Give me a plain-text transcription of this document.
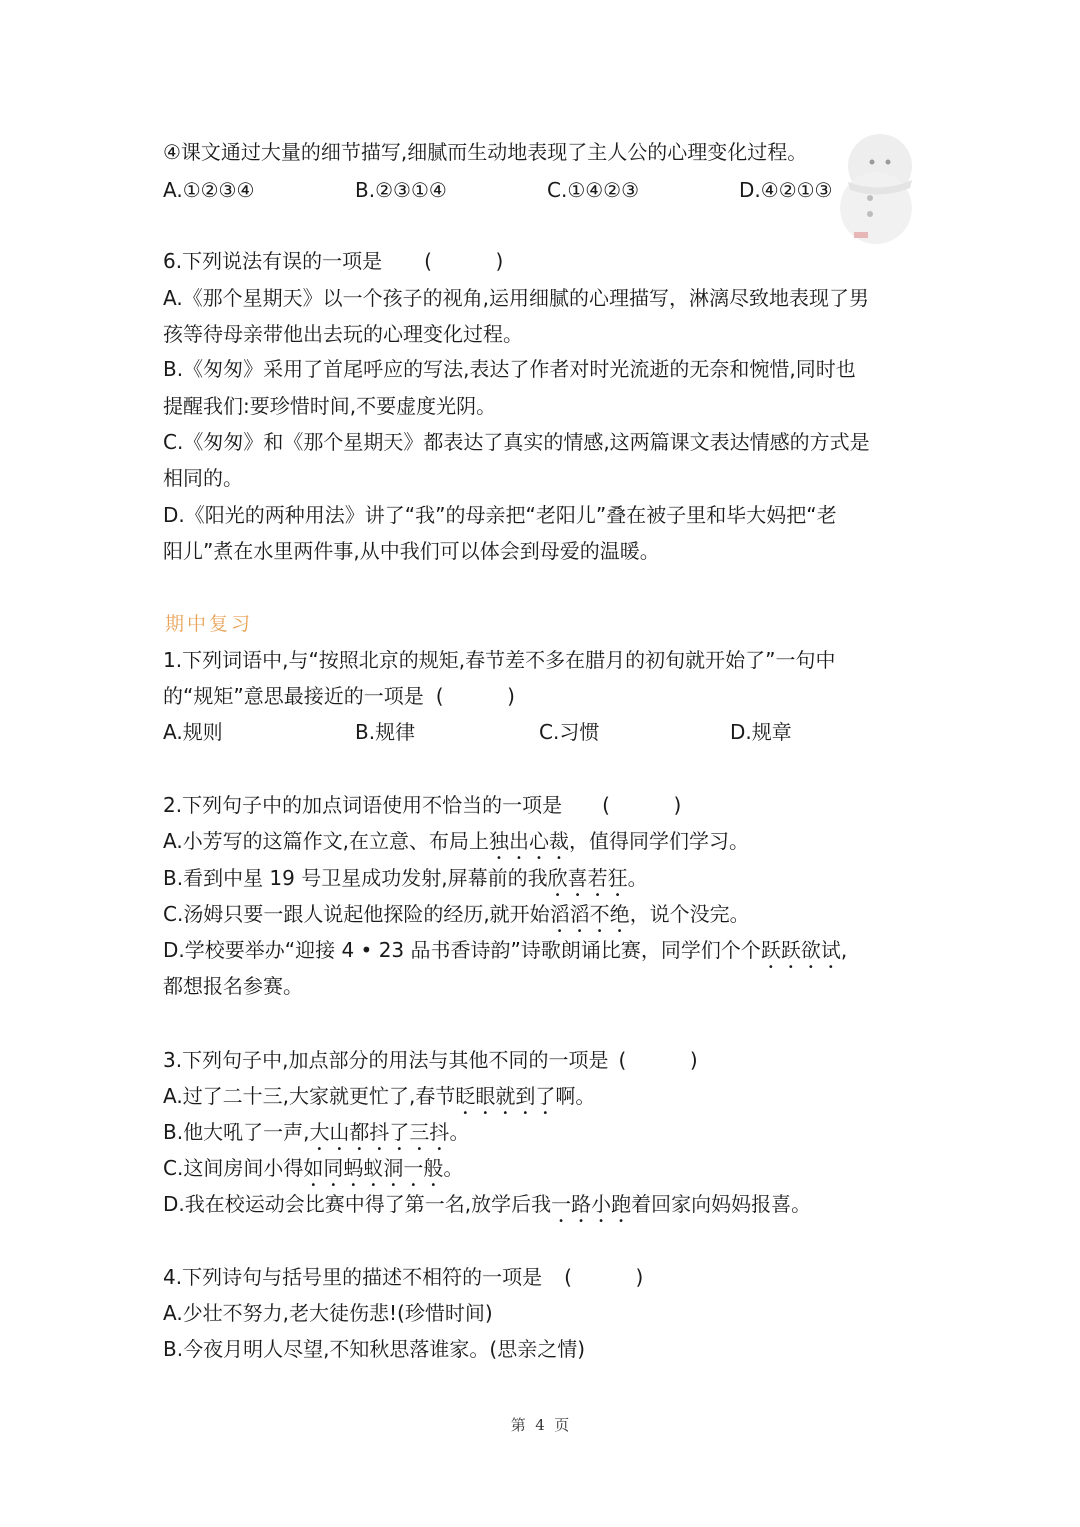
④课文通过大量的细节描写,细腻而生动地表现了主人公的心理变化过程。
A.①②③④	B.②③①④	C.①④②③	D.④②①③
6.下列说法有误的一项是 (          )
A.《那个星期天》以一个孩子的视角,运用细腻的心理描写，淋漓尽致地表现了男
孩等待母亲带他出去玩的心理变化过程。
B.《匆匆》采用了首尾呼应的写法,表达了作者对时光流逝的无奈和惋惜,同时也
提醒我们:要珍惜时间,不要虚度光阴。
C.《匆匆》和《那个星期天》都表达了真实的情感,这两篇课文表达情感的方式是
相同的。
D.《阳光的两种用法》讲了“我”的母亲把“老阳儿”叠在被子里和毕大妈把“老
阳儿”煮在水里两件事,从中我们可以体会到母爱的温暖。
期中复习
1.下列词语中,与“按照北京的规矩,春节差不多在腊月的初旬就开始了”一句中
的“规矩”意思最接近的一项是 (          )
A.规则	B.规律	C.习惯	D.规章
2.下列句子中的加点词语使用不恰当的一项是 (          )
A.小芳写的这篇作文,在立意、布局上独出心裁，值得同学们学习。
B.看到中星 19 号卫星成功发射,屏幕前的我欣喜若狂。
C.汤姆只要一跟人说起他探险的经历,就开始滔滔不绝，说个没完。
D.学校要举办“迎接 4 • 23 品书香诗韵”诗歌朗诵比赛，同学们个个跃跃欲试,
都想报名参赛。
3.下列句子中,加点部分的用法与其他不同的一项是 (          )
A.过了二十三,大家就更忙了,春节眨眼就到了啊。
B.他大吼了一声,大山都抖了三抖。
C.这间房间小得如同蚂蚁洞一般。
D.我在校运动会比赛中得了第一名,放学后我一路小跑着回家向妈妈报喜。
4.下列诗句与括号里的描述不相符的一项是 (          )
A.少壮不努力,老大徒伤悲!(珍惜时间)
B.今夜月明人尽望,不知秋思落谁家。(思亲之情)
第  4  页
